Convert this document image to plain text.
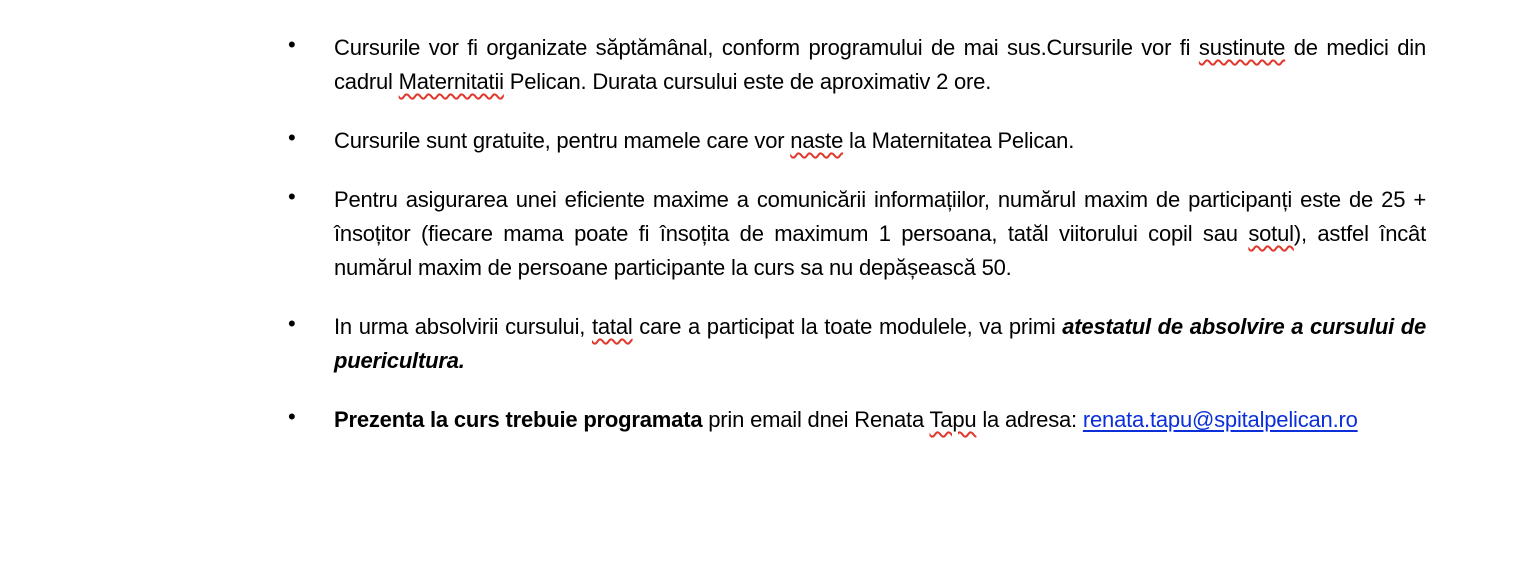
• Cursurile vor fi organizate săptămânal, conform programului de mai sus.Cursurile vor fi sustinute de medici din cadrul Maternitatii Pelican. Durata cursului este de aproximativ 2 ore.
• Cursurile sunt gratuite, pentru mamele care vor naste la Maternitatea Pelican.
• Pentru asigurarea unei eficiente maxime a comunicării informațiilor, numărul maxim de participanți este de 25 + însoțitor (fiecare mama poate fi însoțita de maximum 1 persoana, tatăl viitorului copil sau sotul), astfel încât numărul maxim de persoane participante la curs sa nu depășească 50.
• In urma absolvirii cursului, tatal care a participat la toate modulele, va primi atestatul de absolvire a cursului de puericultura.
• Prezenta la curs trebuie programata prin email dnei Renata Tapu la adresa: renata.tapu@spitalpelican.ro
